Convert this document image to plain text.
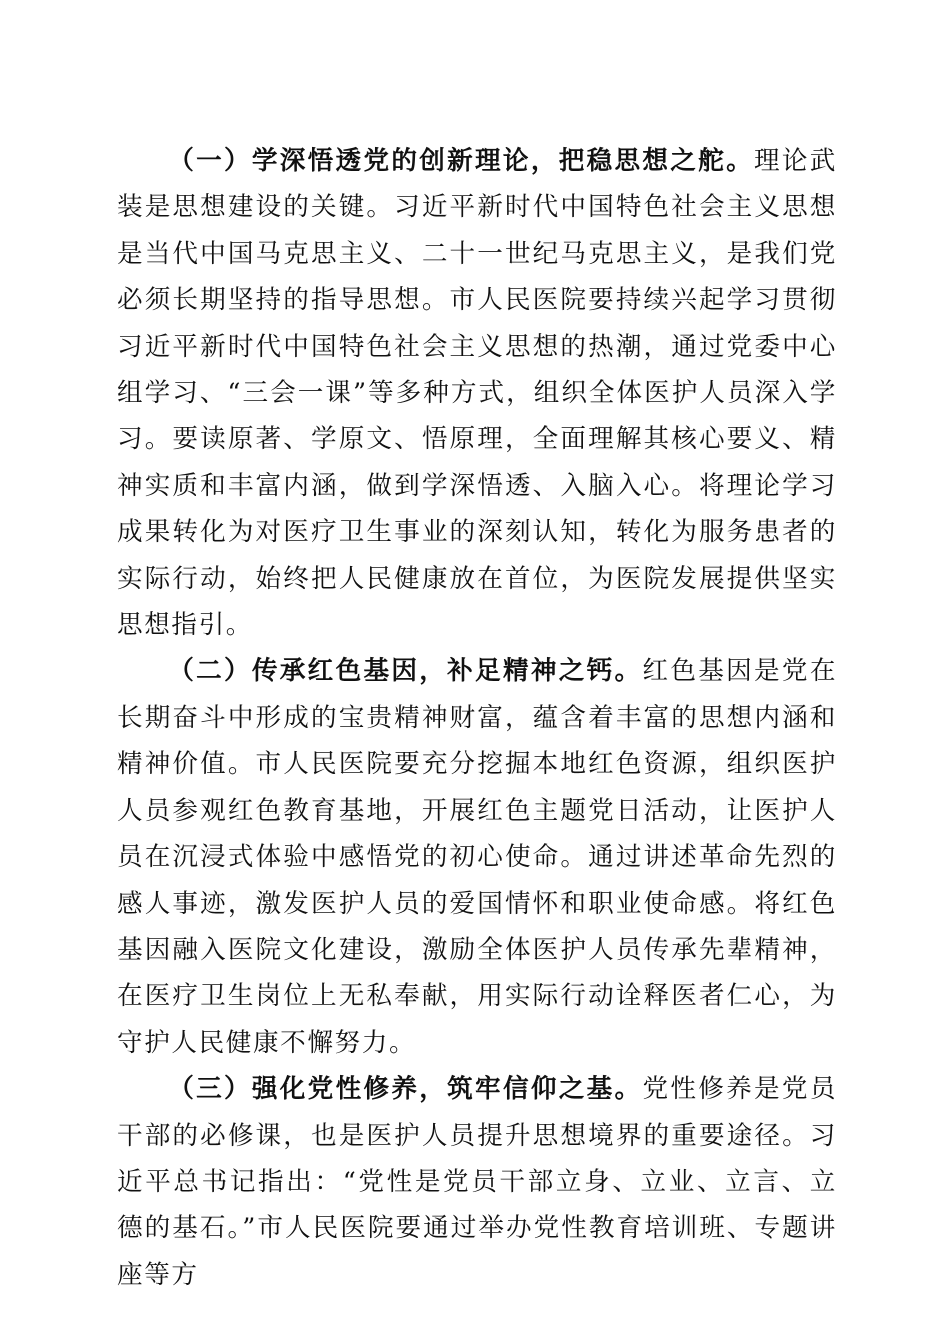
（一）学深悟透党的创新理论，把稳思想之舵。理论武装是思想建设的关键。习近平新时代中国特色社会主义思想是当代中国马克思主义、二十一世纪马克思主义，是我们党必须长期坚持的指导思想。市人民医院要持续兴起学习贯彻习近平新时代中国特色社会主义思想的热潮，通过党委中心组学习、“三会一课”等多种方式，组织全体医护人员深入学习。要读原著、学原文、悟原理，全面理解其核心要义、精神实质和丰富内涵，做到学深悟透、入脑入心。将理论学习成果转化为对医疗卫生事业的深刻认知，转化为服务患者的实际行动，始终把人民健康放在首位，为医院发展提供坚实思想指引。

（二）传承红色基因，补足精神之钙。红色基因是党在长期奋斗中形成的宝贵精神财富，蕴含着丰富的思想内涵和精神价值。市人民医院要充分挖掘本地红色资源，组织医护人员参观红色教育基地，开展红色主题党日活动，让医护人员在沉浸式体验中感悟党的初心使命。通过讲述革命先烈的感人事迹，激发医护人员的爱国情怀和职业使命感。将红色基因融入医院文化建设，激励全体医护人员传承先辈精神，在医疗卫生岗位上无私奉献，用实际行动诠释医者仁心，为守护人民健康不懈努力。

（三）强化党性修养，筑牢信仰之基。党性修养是党员干部的必修课，也是医护人员提升思想境界的重要途径。习近平总书记指出：“党性是党员干部立身、立业、立言、立德的基石。”市人民医院要通过举办党性教育培训班、专题讲座等方
